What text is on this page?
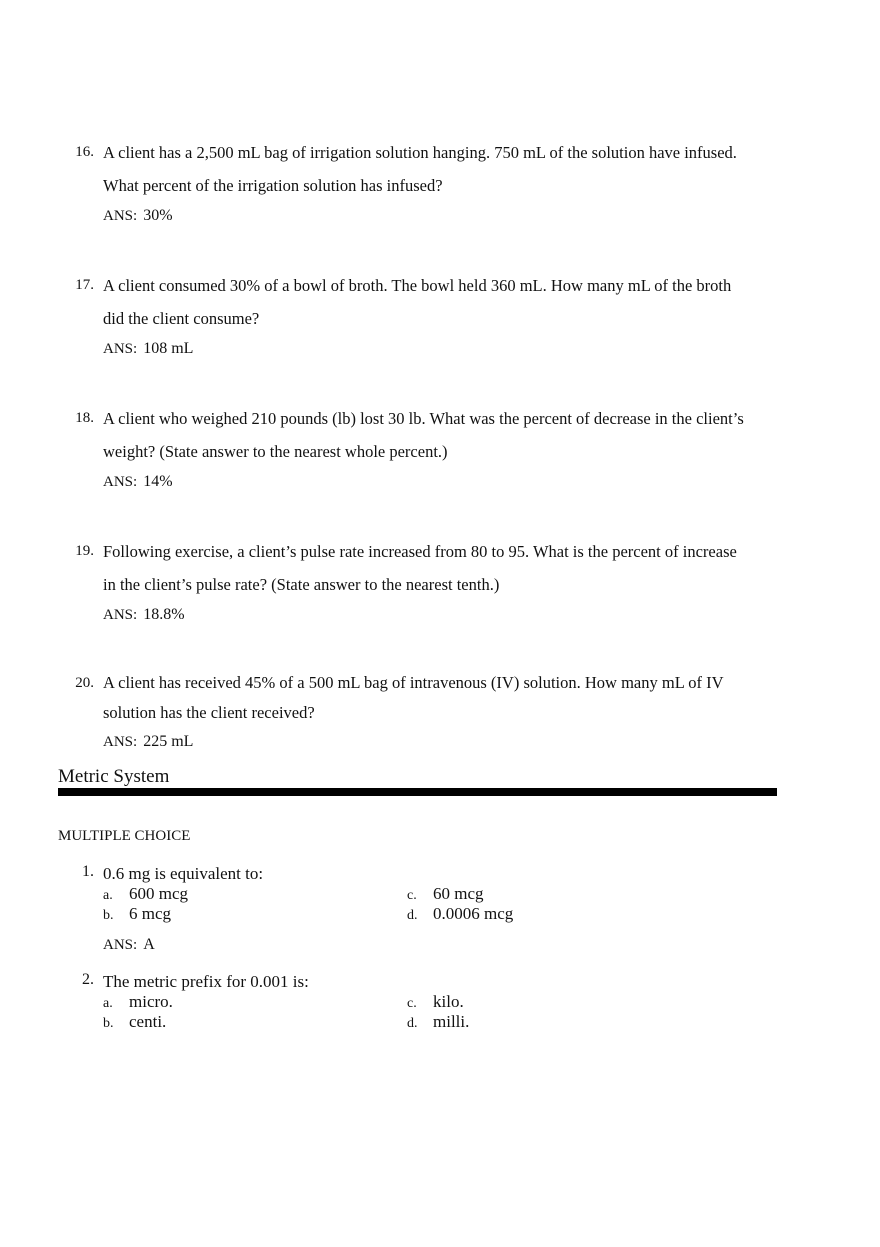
16. A client has a 2,500 mL bag of irrigation solution hanging. 750 mL of the solution have infused.
What percent of the irrigation solution has infused?
ANS: 30%
17. A client consumed 30% of a bowl of broth. The bowl held 360 mL. How many mL of the broth
did the client consume?
ANS: 108 mL
18. A client who weighed 210 pounds (lb) lost 30 lb. What was the percent of decrease in the client’s
weight? (State answer to the nearest whole percent.)
ANS: 14%
19. Following exercise, a client’s pulse rate increased from 80 to 95. What is the percent of increase
in the client’s pulse rate? (State answer to the nearest tenth.)
ANS: 18.8%
20. A client has received 45% of a 500 mL bag of intravenous (IV) solution. How many mL of IV
solution has the client received?
ANS: 225 mL
Metric System
MULTIPLE CHOICE
1. 0.6 mg is equivalent to:
a. 600 mcg
b. 6 mcg
c. 60 mcg
d. 0.0006 mcg
ANS: A
2. The metric prefix for 0.001 is:
a. micro.
b. centi.
c. kilo.
d. milli.
